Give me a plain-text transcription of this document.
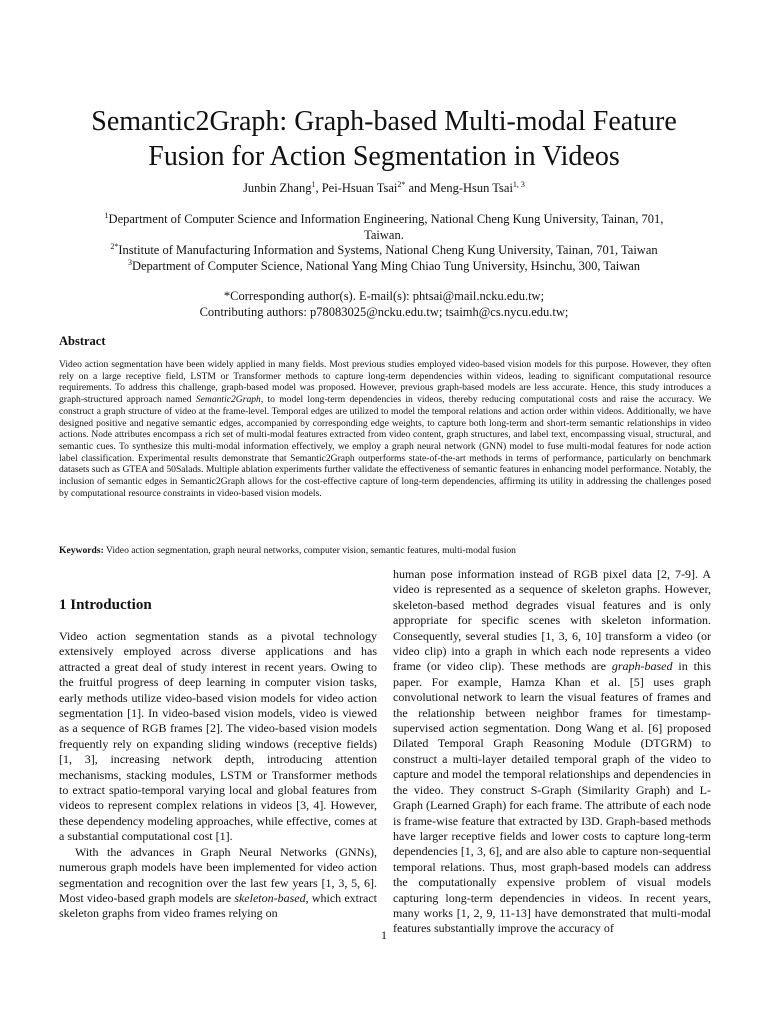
Semantic2Graph: Graph-based Multi-modal Feature
Fusion for Action Segmentation in Videos
Junbin Zhang$^1$, Pei-Hsuan Tsai$^{2*}$ and Meng-Hsun Tsai$^{1, 3}$
$^1$Department of Computer Science and Information Engineering, National Cheng Kung University, Tainan, 701,
Taiwan.
$^{2*}$Institute of Manufacturing Information and Systems, National Cheng Kung University, Tainan, 701, Taiwan
$^3$Department of Computer Science, National Yang Ming Chiao Tung University, Hsinchu, 300, Taiwan
*Corresponding author(s). E-mail(s): phtsai@mail.ncku.edu.tw;
Contributing authors: p78083025@ncku.edu.tw; tsaimh@cs.nycu.edu.tw;
Abstract
Video action segmentation have been widely applied in many fields. Most previous studies employed video-based vision models for this purpose. However, they often rely on a large receptive field, LSTM or Transformer methods to capture long-term dependencies within videos, leading to significant computational resource requirements. To address this challenge, graph-based model was proposed. However, previous graph-based models are less accurate. Hence, this study introduces a graph-structured approach named Semantic2Graph, to model long-term dependencies in videos, thereby reducing computational costs and raise the accuracy. We construct a graph structure of video at the frame-level. Temporal edges are utilized to model the temporal relations and action order within videos. Additionally, we have designed positive and negative semantic edges, accompanied by corresponding edge weights, to capture both long-term and short-term semantic relationships in video actions. Node attributes encompass a rich set of multi-modal features extracted from video content, graph structures, and label text, encompassing visual, structural, and semantic cues. To synthesize this multi-modal information effectively, we employ a graph neural network (GNN) model to fuse multi-modal features for node action label classification. Experimental results demonstrate that Semantic2Graph outperforms state-of-the-art methods in terms of performance, particularly on benchmark datasets such as GTEA and 50Salads. Multiple ablation experiments further validate the effectiveness of semantic features in enhancing model performance. Notably, the inclusion of semantic edges in Semantic2Graph allows for the cost-effective capture of long-term dependencies, affirming its utility in addressing the challenges posed by computational resource constraints in video-based vision models.
Keywords: Video action segmentation, graph neural networks, computer vision, semantic features, multi-modal fusion
1 Introduction

Video action segmentation stands as a pivotal technology extensively employed across diverse applications and has attracted a great deal of study interest in recent years. Owing to the fruitful progress of deep learning in computer vision tasks, early methods utilize video-based vision models for video action segmentation [1]. In video-based vision models, video is viewed as a sequence of RGB frames [2]. The video-based vision models frequently rely on expanding sliding windows (receptive fields) [1, 3], increasing network depth, introducing attention mechanisms, stacking modules, LSTM or Transformer methods to extract spatio-temporal varying local and global features from videos to represent complex relations in videos [3, 4]. However, these dependency modeling approaches, while effective, comes at a substantial computational cost [1].

With the advances in Graph Neural Networks (GNNs), numerous graph models have been implemented for video action segmentation and recognition over the last few years [1, 3, 5, 6]. Most video-based graph models are skeleton-based, which extract skeleton graphs from video frames relying on

human pose information instead of RGB pixel data [2, 7-9]. A video is represented as a sequence of skeleton graphs. However, skeleton-based method degrades visual features and is only appropriate for specific scenes with skeleton information. Consequently, several studies [1, 3, 6, 10] transform a video (or video clip) into a graph in which each node represents a video frame (or video clip). These methods are graph-based in this paper. For example, Hamza Khan et al. [5] uses graph convolutional network to learn the visual features of frames and the relationship between neighbor frames for timestamp-supervised action segmentation. Dong Wang et al. [6] proposed Dilated Temporal Graph Reasoning Module (DTGRM) to construct a multi-layer detailed temporal graph of the video to capture and model the temporal relationships and dependencies in the video. They construct S-Graph (Similarity Graph) and L-Graph (Learned Graph) for each frame. The attribute of each node is frame-wise feature that extracted by I3D. Graph-based methods have larger receptive fields and lower costs to capture long-term dependencies [1, 3, 6], and are also able to capture non-sequential temporal relations. Thus, most graph-based models can address the computationally expensive problem of visual models capturing long-term dependencies in videos. In recent years, many works [1, 2, 9, 11-13] have demonstrated that multi-modal features substantially improve the accuracy of

1
